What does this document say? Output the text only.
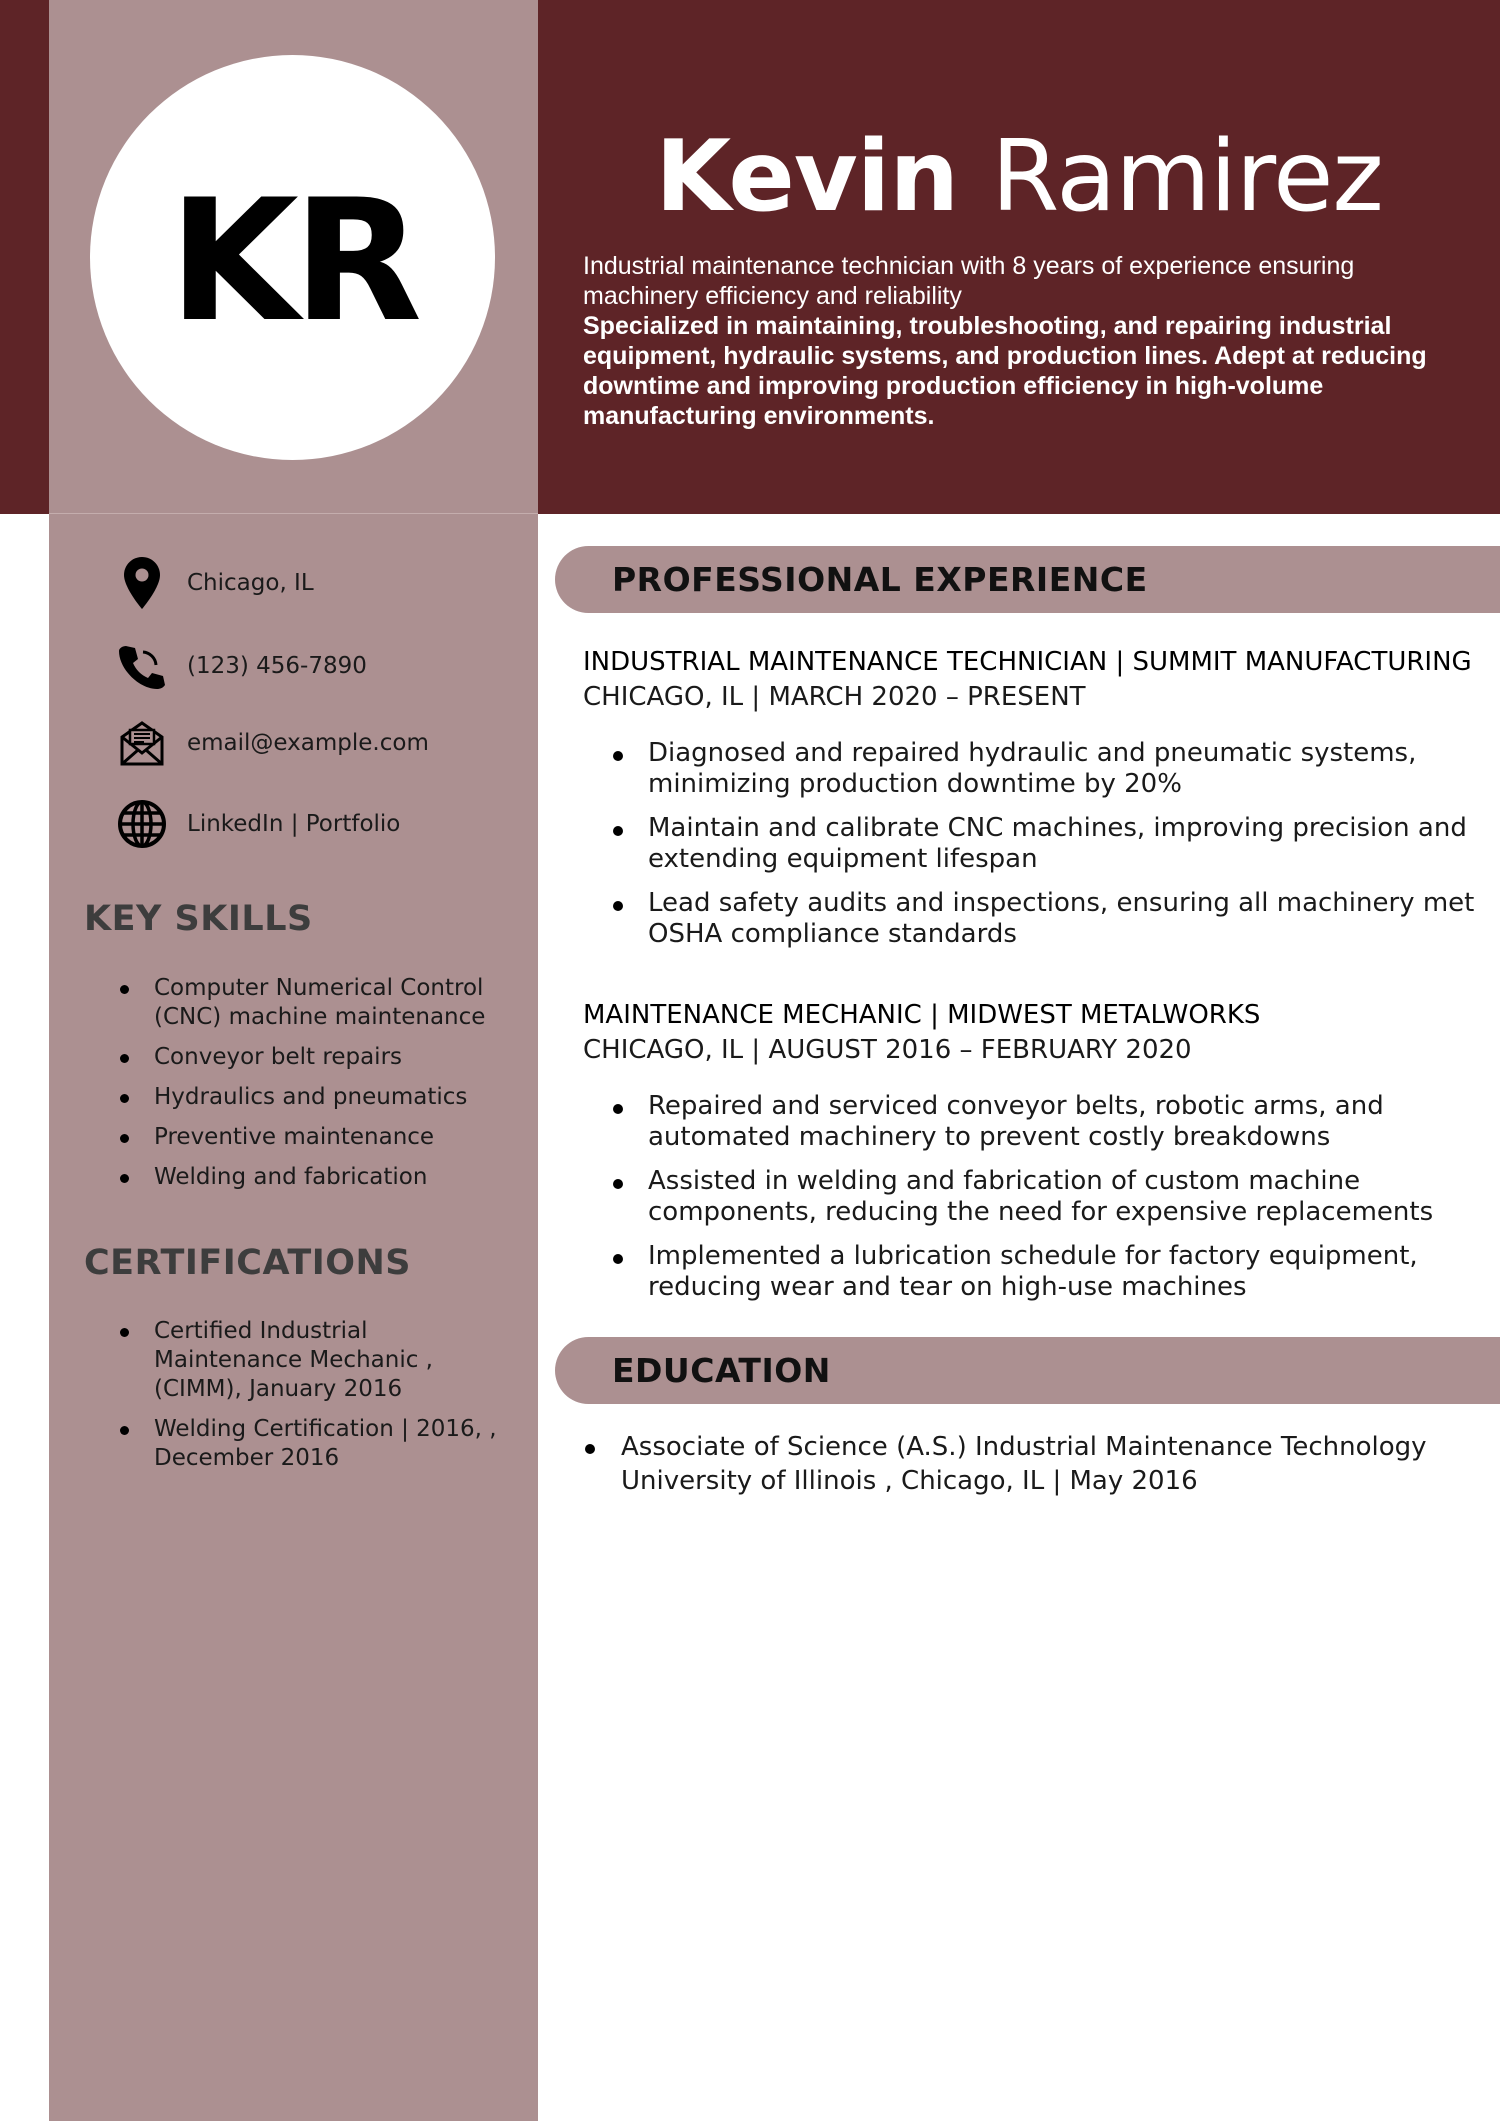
KR	Kevin Ramirez
Industrial maintenance technician with 8 years of experience ensuring machinery efficiency and reliability
Specialized in maintaining, troubleshooting, and repairing industrial equipment, hydraulic systems, and production lines. Adept at reducing downtime and improving production efficiency in high-volume manufacturing environments.
Chicago, IL
(123) 456-7890
email@example.com
LinkedIn | Portfolio
KEY SKILLS
Computer Numerical Control (CNC) machine maintenance
Conveyor belt repairs
Hydraulics and pneumatics
Preventive maintenance
Welding and fabrication
CERTIFICATIONS
Certified Industrial Maintenance Mechanic , (CIMM), January 2016
Welding Certification | 2016, , December 2016
PROFESSIONAL EXPERIENCE
INDUSTRIAL MAINTENANCE TECHNICIAN | SUMMIT MANUFACTURING
CHICAGO, IL | MARCH 2020 – PRESENT
Diagnosed and repaired hydraulic and pneumatic systems, minimizing production downtime by 20%
Maintain and calibrate CNC machines, improving precision and extending equipment lifespan
Lead safety audits and inspections, ensuring all machinery met OSHA compliance standards
MAINTENANCE MECHANIC | MIDWEST METALWORKS
CHICAGO, IL | AUGUST 2016 – FEBRUARY 2020
Repaired and serviced conveyor belts, robotic arms, and automated machinery to prevent costly breakdowns
Assisted in welding and fabrication of custom machine components, reducing the need for expensive replacements
Implemented a lubrication schedule for factory equipment, reducing wear and tear on high-use machines
EDUCATION
Associate of Science (A.S.) Industrial Maintenance Technology
University of Illinois , Chicago, IL | May 2016
